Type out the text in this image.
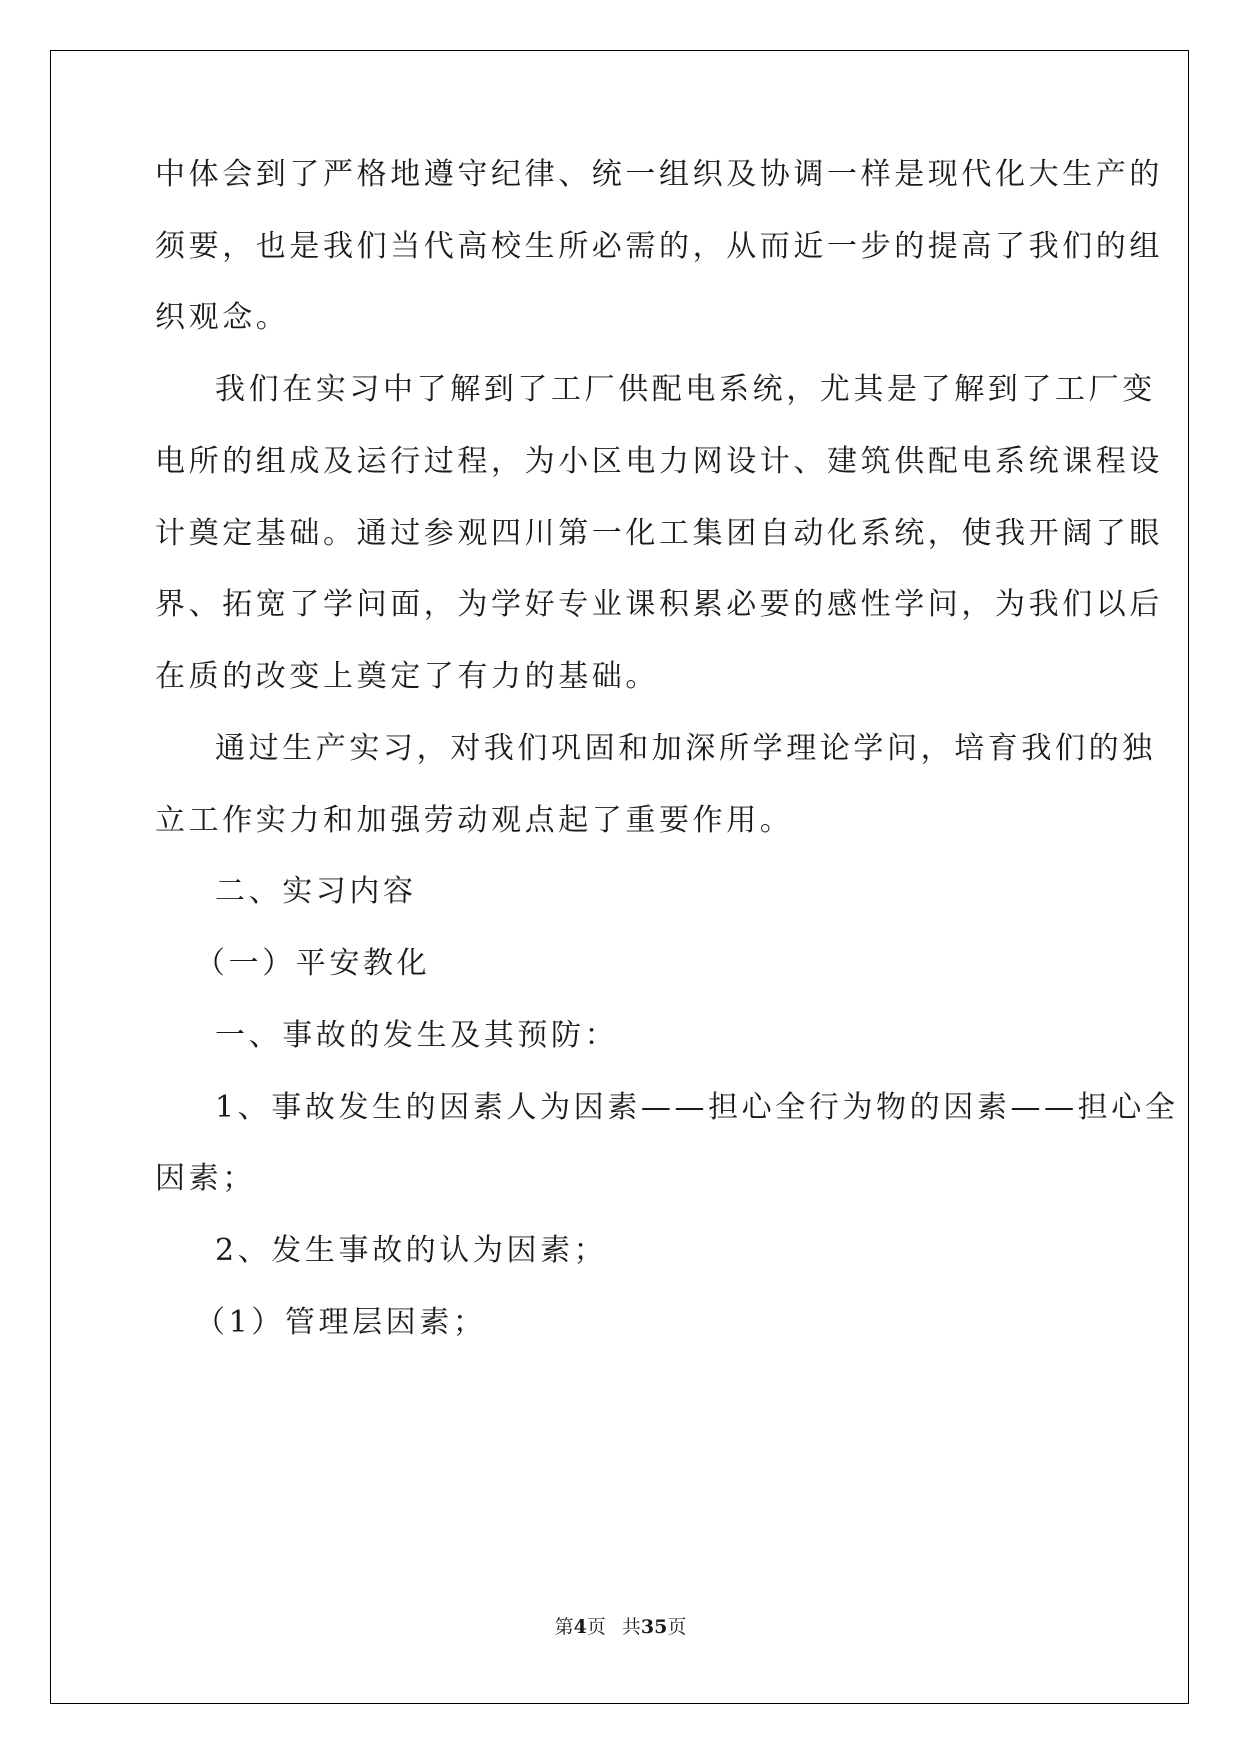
中体会到了严格地遵守纪律、统一组织及协调一样是现代化大生产的
须要，也是我们当代高校生所必需的，从而近一步的提高了我们的组
织观念。
我们在实习中了解到了工厂供配电系统，尤其是了解到了工厂变
电所的组成及运行过程，为小区电力网设计、建筑供配电系统课程设
计奠定基础。通过参观四川第一化工集团自动化系统，使我开阔了眼
界、拓宽了学问面，为学好专业课积累必要的感性学问，为我们以后
在质的改变上奠定了有力的基础。
通过生产实习，对我们巩固和加深所学理论学问，培育我们的独
立工作实力和加强劳动观点起了重要作用。
二、实习内容
（一）平安教化
一、事故的发生及其预防：
1、事故发生的因素人为因素——担心全行为物的因素——担心全
因素；
2、发生事故的认为因素；
（1）管理层因素；
第4页 共35页
